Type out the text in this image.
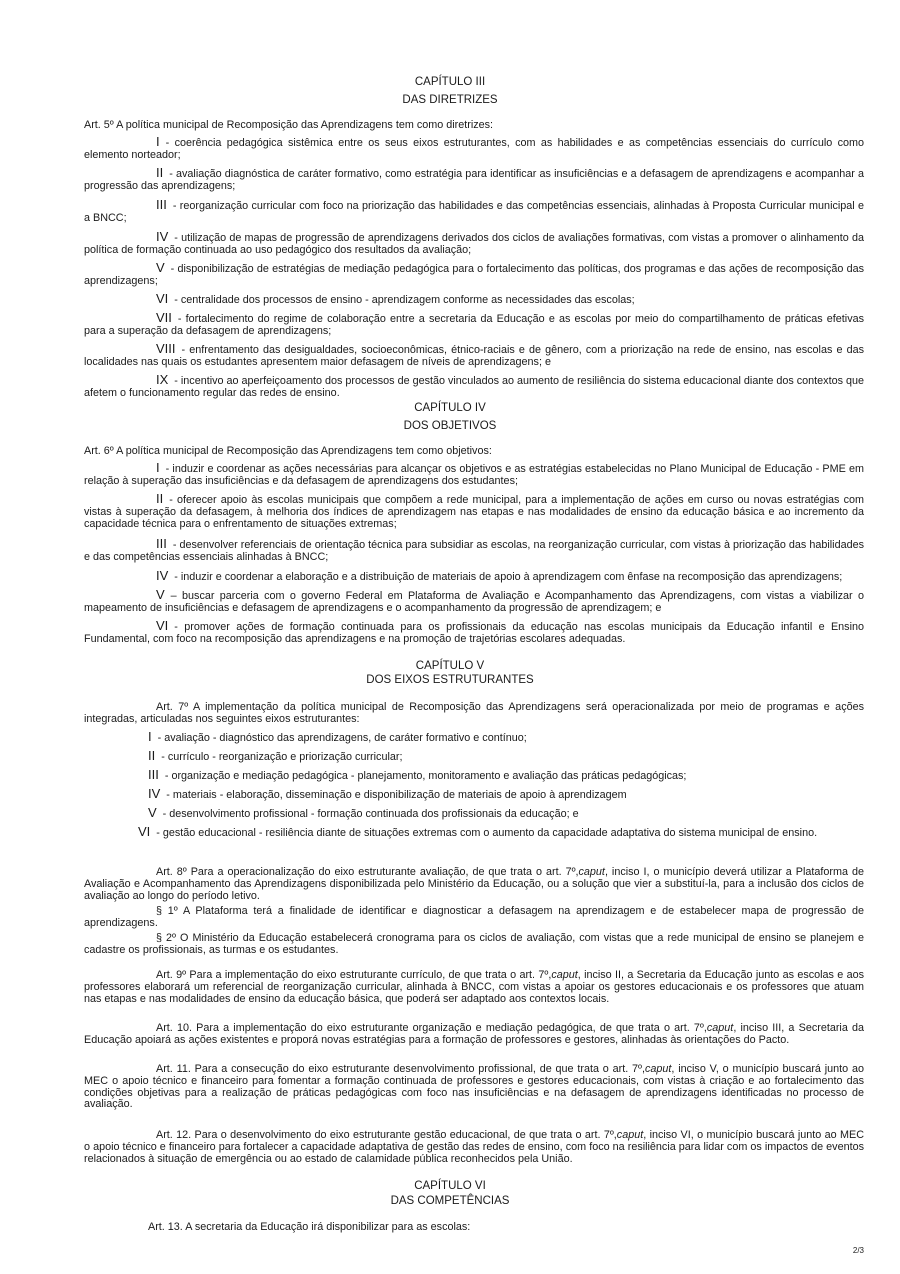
CAPÍTULO III
DAS DIRETRIZES
Art. 5º A política municipal de Recomposição das Aprendizagens tem como diretrizes:
I - coerência pedagógica sistêmica entre os seus eixos estruturantes, com as habilidades e as competências essenciais do currículo como elemento norteador;
II - avaliação diagnóstica de caráter formativo, como estratégia para identificar as insuficiências e a defasagem de aprendizagens e acompanhar a progressão das aprendizagens;
III - reorganização curricular com foco na priorização das habilidades e das competências essenciais, alinhadas à Proposta Curricular municipal e a BNCC;
IV - utilização de mapas de progressão de aprendizagens derivados dos ciclos de avaliações formativas, com vistas a promover o alinhamento da política de formação continuada ao uso pedagógico dos resultados da avaliação;
V - disponibilização de estratégias de mediação pedagógica para o fortalecimento das políticas, dos programas e das ações de recomposição das aprendizagens;
VI - centralidade dos processos de ensino - aprendizagem conforme as necessidades das escolas;
VII - fortalecimento do regime de colaboração entre a secretaria da Educação e as escolas por meio do compartilhamento de práticas efetivas para a superação da defasagem de aprendizagens;
VIII - enfrentamento das desigualdades, socioeconômicas, étnico-raciais e de gênero, com a priorização na rede de ensino, nas escolas e das localidades nas quais os estudantes apresentem maior defasagem de níveis de aprendizagens; e
IX - incentivo ao aperfeiçoamento dos processos de gestão vinculados ao aumento de resiliência do sistema educacional diante dos contextos que afetem o funcionamento regular das redes de ensino.
CAPÍTULO IV
DOS OBJETIVOS
Art. 6º A política municipal de Recomposição das Aprendizagens tem como objetivos:
I - induzir e coordenar as ações necessárias para alcançar os objetivos e as estratégias estabelecidas no Plano Municipal de Educação - PME em relação à superação das insuficiências e da defasagem de aprendizagens dos estudantes;
II - oferecer apoio às escolas municipais que compõem a rede municipal, para a implementação de ações em curso ou novas estratégias com vistas à superação da defasagem, à melhoria dos índices de aprendizagem nas etapas e nas modalidades de ensino da educação básica e ao incremento da capacidade técnica para o enfrentamento de situações extremas;
III - desenvolver referenciais de orientação técnica para subsidiar as escolas, na reorganização curricular, com vistas à priorização das habilidades e das competências essenciais alinhadas à BNCC;
IV - induzir e coordenar a elaboração e a distribuição de materiais de apoio à aprendizagem com ênfase na recomposição das aprendizagens;
V – buscar parceria com o governo Federal em Plataforma de Avaliação e Acompanhamento das Aprendizagens, com vistas a viabilizar o mapeamento de insuficiências e defasagem de aprendizagens e o acompanhamento da progressão de aprendizagem; e
VI - promover ações de formação continuada para os profissionais da educação nas escolas municipais da Educação infantil e Ensino Fundamental, com foco na recomposição das aprendizagens e na promoção de trajetórias escolares adequadas.
CAPÍTULO V
DOS EIXOS ESTRUTURANTES
Art. 7º A implementação da política municipal de Recomposição das Aprendizagens será operacionalizada por meio de programas e ações integradas, articuladas nos seguintes eixos estruturantes:
I - avaliação - diagnóstico das aprendizagens, de caráter formativo e contínuo;
II - currículo - reorganização e priorização curricular;
III - organização e mediação pedagógica - planejamento, monitoramento e avaliação das práticas pedagógicas;
IV - materiais - elaboração, disseminação e disponibilização de materiais de apoio à aprendizagem
V - desenvolvimento profissional - formação continuada dos profissionais da educação; e
VI - gestão educacional - resiliência diante de situações extremas com o aumento da capacidade adaptativa do sistema municipal de ensino.
Art. 8º Para a operacionalização do eixo estruturante avaliação, de que trata o art. 7º,caput, inciso I, o município deverá utilizar a Plataforma de Avaliação e Acompanhamento das Aprendizagens disponibilizada pelo Ministério da Educação, ou a solução que vier a substituí-la, para a inclusão dos ciclos de avaliação ao longo do período letivo.
§ 1º A Plataforma terá a finalidade de identificar e diagnosticar a defasagem na aprendizagem e de estabelecer mapa de progressão de aprendizagens.
§ 2º O Ministério da Educação estabelecerá cronograma para os ciclos de avaliação, com vistas que a rede municipal de ensino se planejem e cadastre os profissionais, as turmas e os estudantes.
Art. 9º Para a implementação do eixo estruturante currículo, de que trata o art. 7º,caput, inciso II, a Secretaria da Educação junto as escolas e aos professores elaborará um referencial de reorganização curricular, alinhada à BNCC, com vistas a apoiar os gestores educacionais e os professores que atuam nas etapas e nas modalidades de ensino da educação básica, que poderá ser adaptado aos contextos locais.
Art. 10. Para a implementação do eixo estruturante organização e mediação pedagógica, de que trata o art. 7º,caput, inciso III, a Secretaria da Educação apoiará as ações existentes e proporá novas estratégias para a formação de professores e gestores, alinhadas às orientações do Pacto.
Art. 11. Para a consecução do eixo estruturante desenvolvimento profissional, de que trata o art. 7º,caput, inciso V, o município buscará junto ao MEC o apoio técnico e financeiro para fomentar a formação continuada de professores e gestores educacionais, com vistas à criação e ao fortalecimento das condições objetivas para a realização de práticas pedagógicas com foco nas insuficiências e na defasagem de aprendizagens identificadas no processo de avaliação.
Art. 12. Para o desenvolvimento do eixo estruturante gestão educacional, de que trata o art. 7º,caput, inciso VI, o município buscará junto ao MEC o apoio técnico e financeiro para fortalecer a capacidade adaptativa de gestão das redes de ensino, com foco na resiliência para lidar com os impactos de eventos relacionados à situação de emergência ou ao estado de calamidade pública reconhecidos pela União.
CAPÍTULO VI
DAS COMPETÊNCIAS
Art. 13. A secretaria da Educação irá disponibilizar para as escolas:
2/3
